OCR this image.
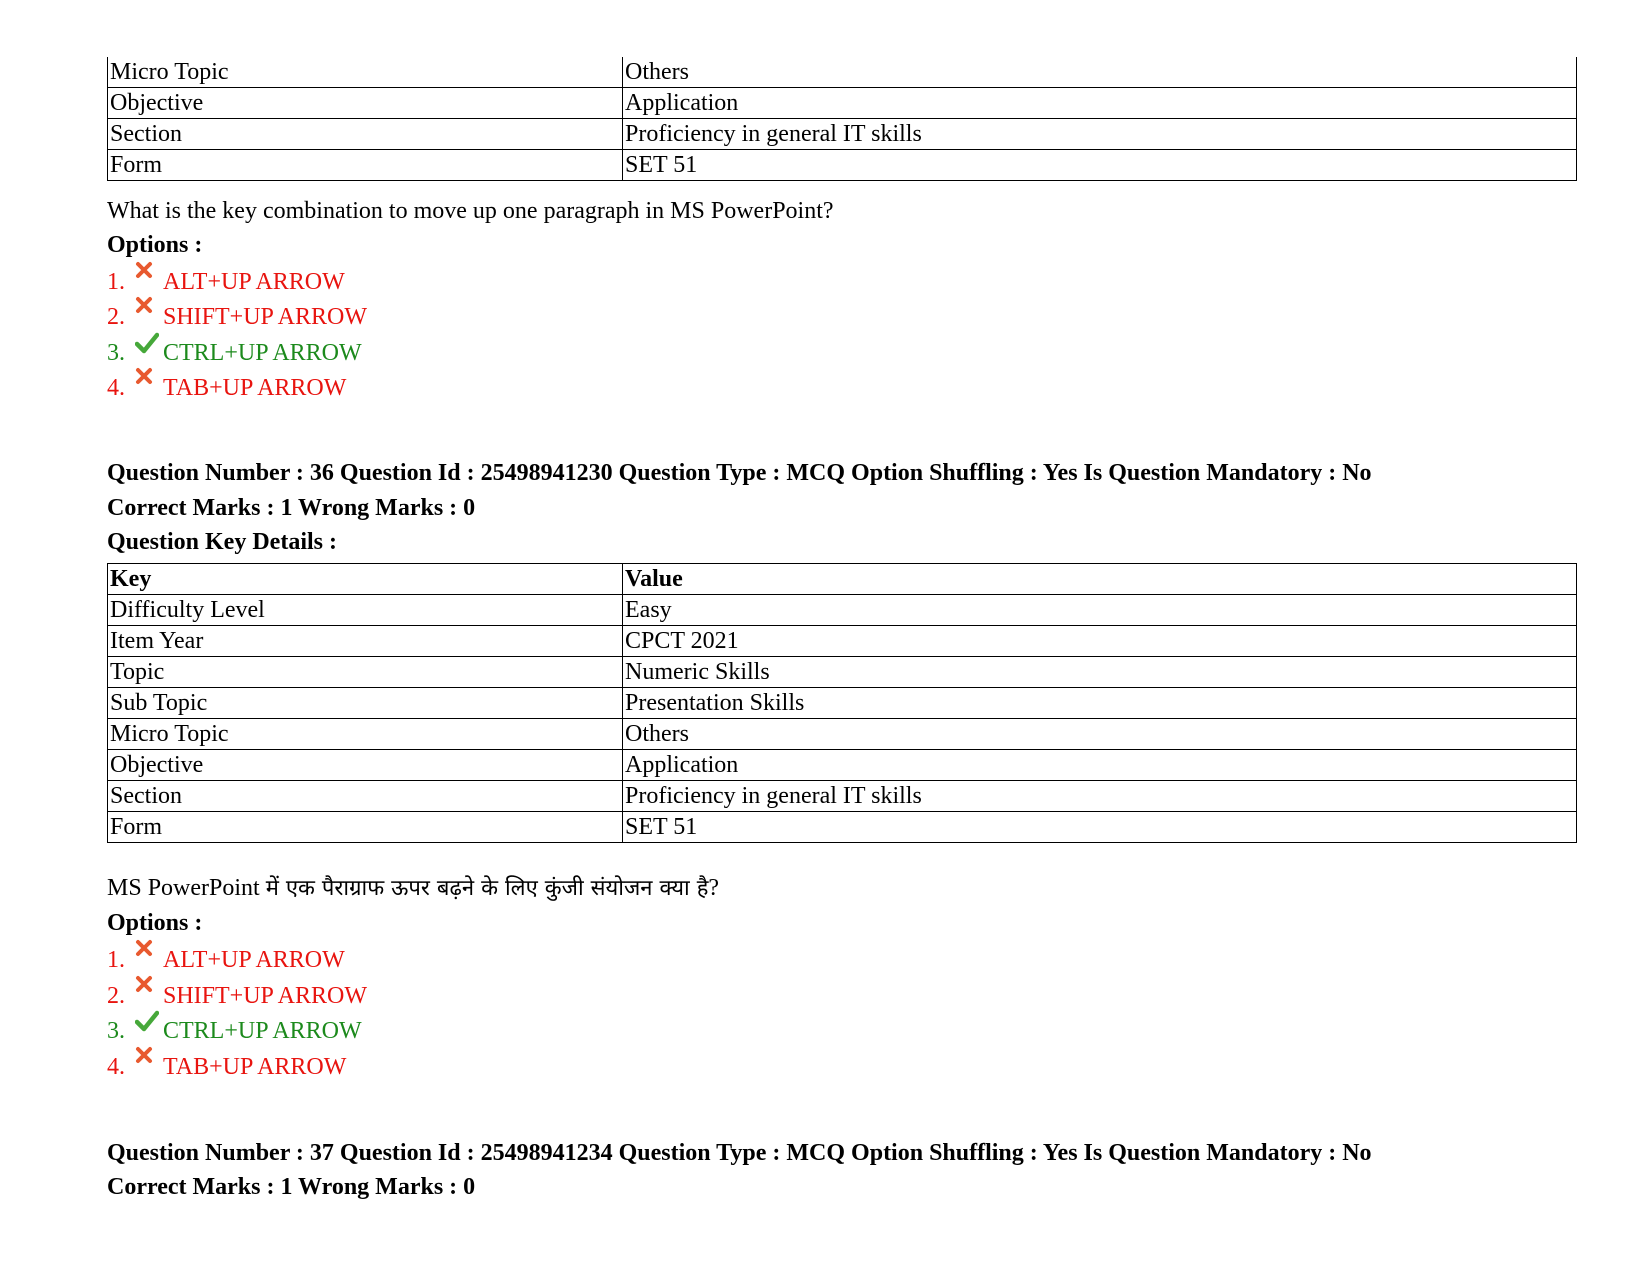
Micro Topic	Others
Objective	Application
Section	Proficiency in general IT skills
Form	SET 51
What is the key combination to move up one paragraph in MS PowerPoint?
Options :
1. ALT+UP ARROW
2. SHIFT+UP ARROW
3. CTRL+UP ARROW
4. TAB+UP ARROW
Question Number : 36 Question Id : 25498941230 Question Type : MCQ Option Shuffling : Yes Is Question Mandatory : No
Correct Marks : 1 Wrong Marks : 0
Question Key Details :
Key	Value
Difficulty Level	Easy
Item Year	CPCT 2021
Topic	Numeric Skills
Sub Topic	Presentation Skills
Micro Topic	Others
Objective	Application
Section	Proficiency in general IT skills
Form	SET 51
MS PowerPoint में एक पैराग्राफ ऊपर बढ़ने के लिए कुंजी संयोजन क्या है?
Options :
1. ALT+UP ARROW
2. SHIFT+UP ARROW
3. CTRL+UP ARROW
4. TAB+UP ARROW
Question Number : 37 Question Id : 25498941234 Question Type : MCQ Option Shuffling : Yes Is Question Mandatory : No
Correct Marks : 1 Wrong Marks : 0
